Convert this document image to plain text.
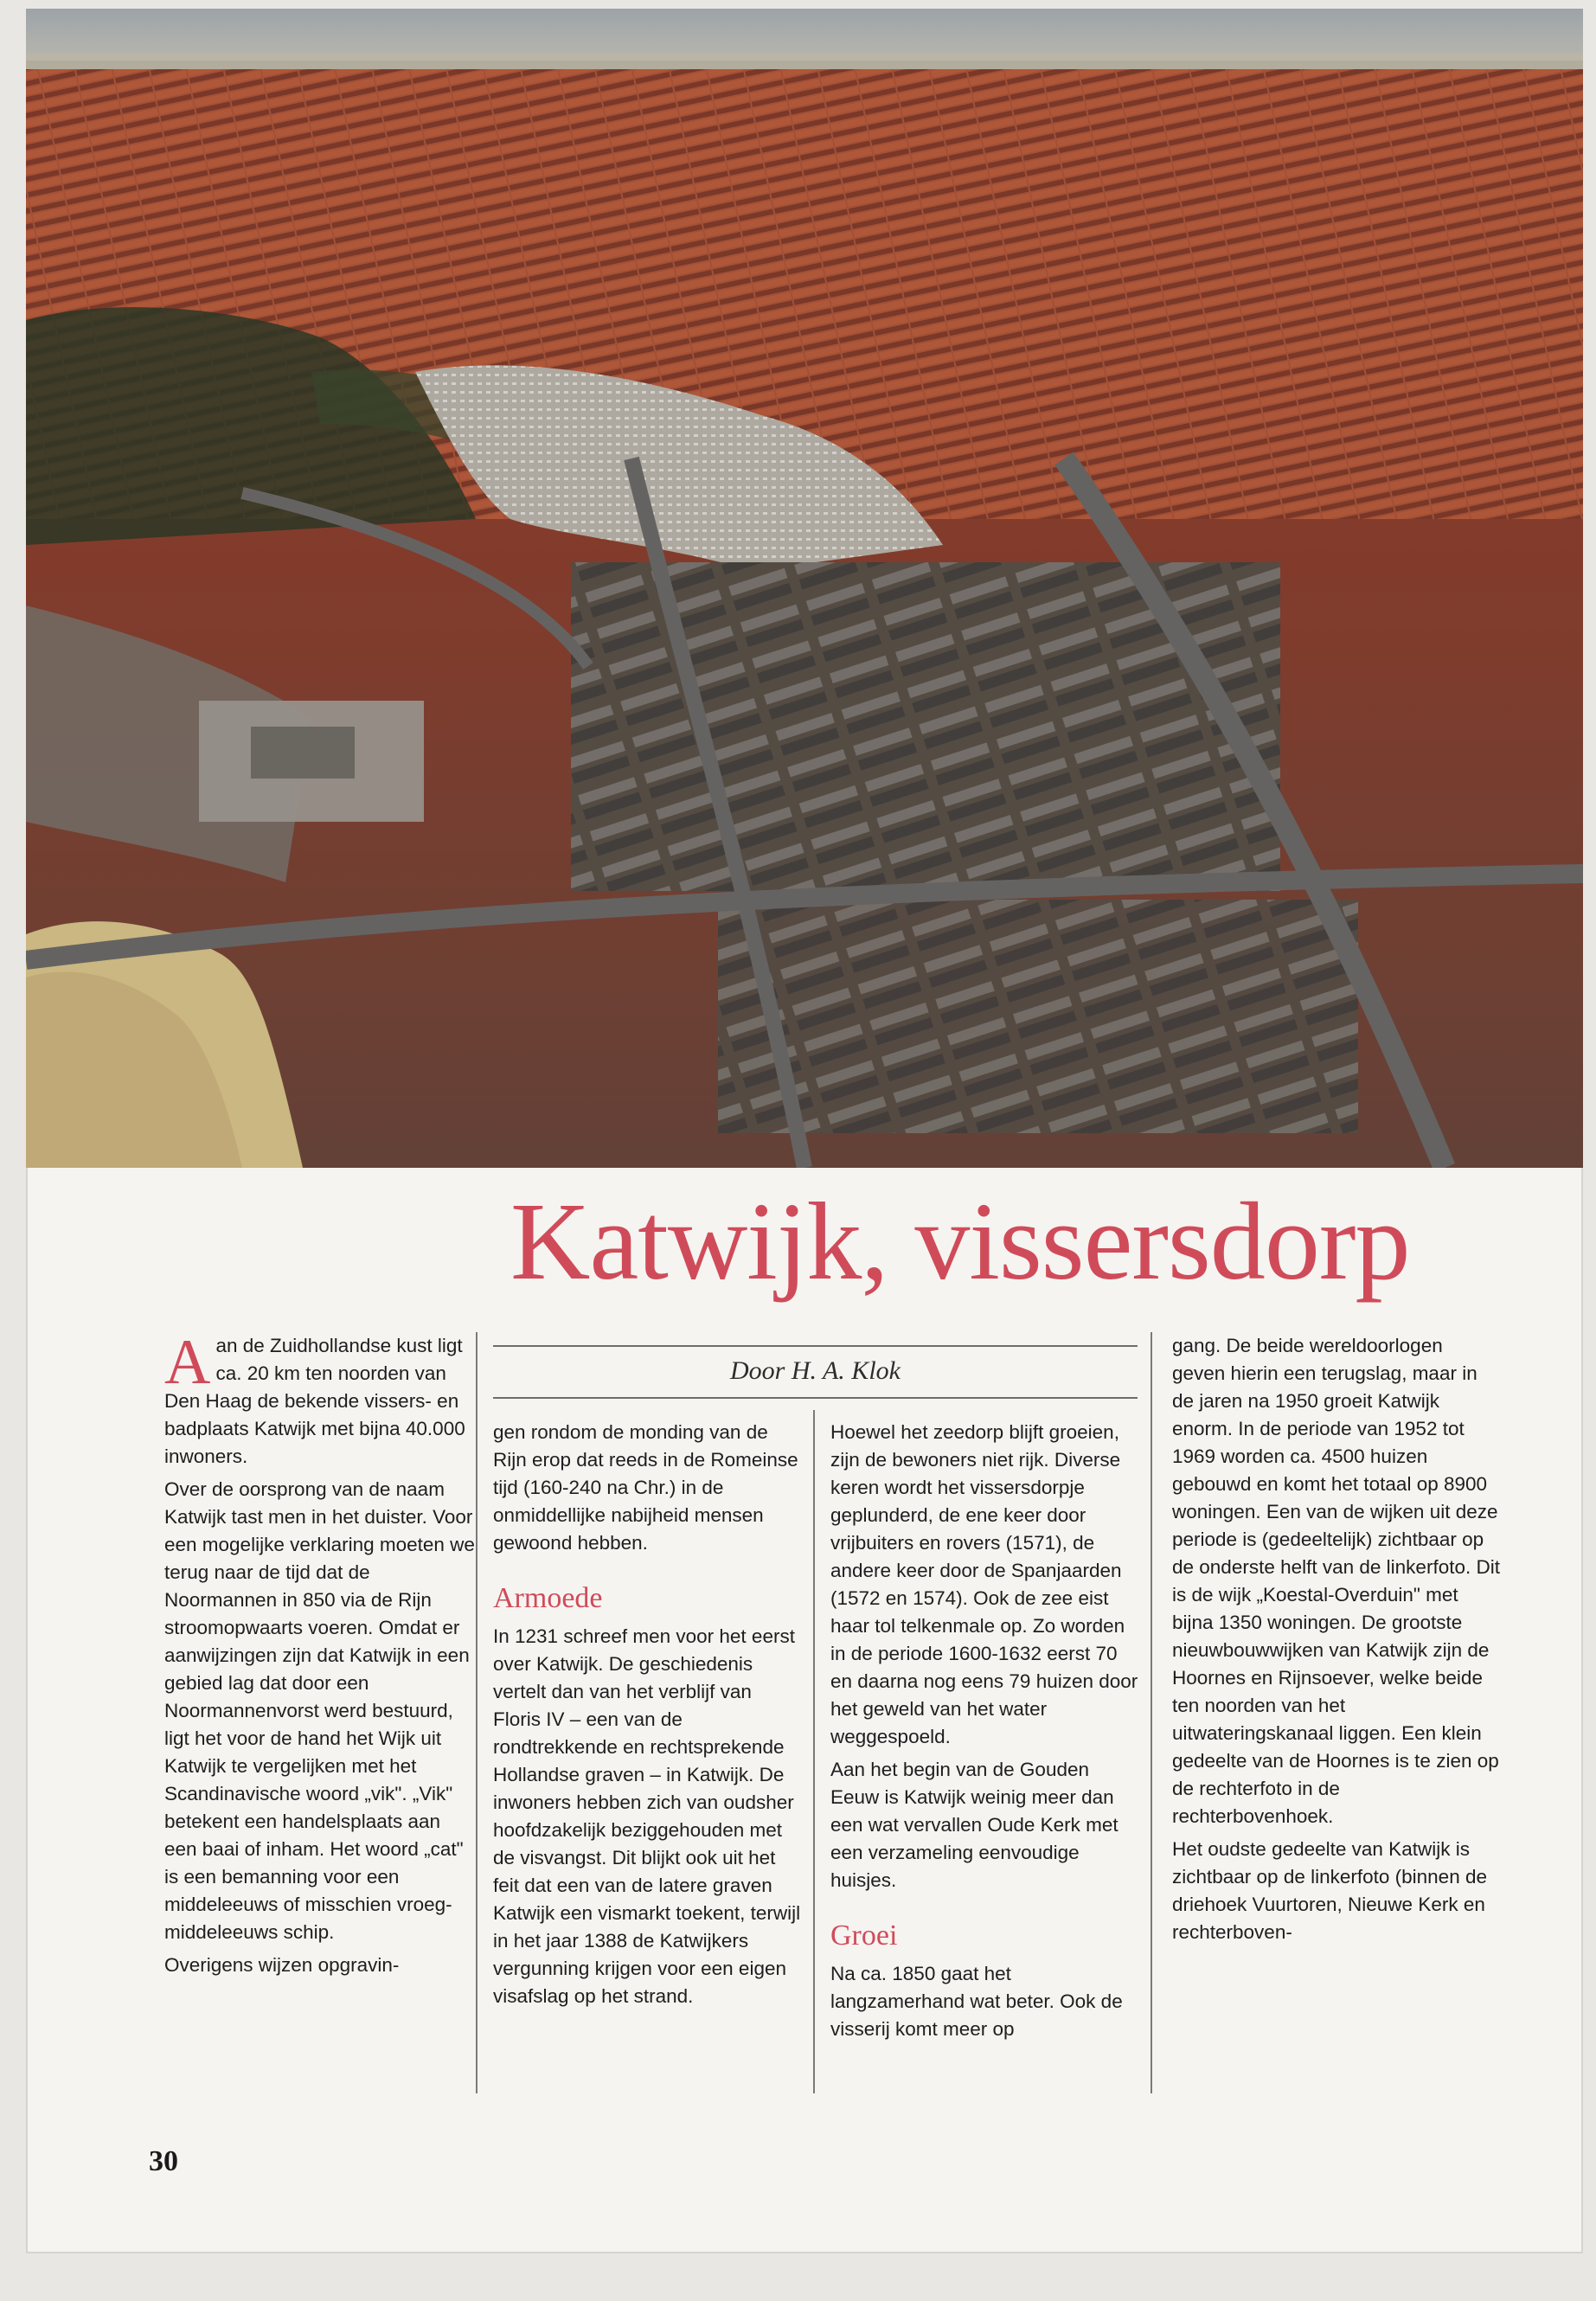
Katwijk, vissersdorp
Door H. A. Klok

A an de Zuidhollandse kust ligt ca. 20 km ten noorden van Den Haag de bekende vissers- en badplaats Katwijk met bijna 40.000 inwoners.

Over de oorsprong van de naam Katwijk tast men in het duister. Voor een mogelijke verklaring moeten we terug naar de tijd dat de Noormannen in 850 via de Rijn stroomopwaarts voeren. Omdat er aanwijzingen zijn dat Katwijk in een gebied lag dat door een Noormannenvorst werd bestuurd, ligt het voor de hand het Wijk uit Katwijk te vergelijken met het Scandinavische woord „vik". „Vik" betekent een handelsplaats aan een baai of inham. Het woord „cat" is een bemanning voor een middeleeuws of misschien vroeg-middeleeuws schip.

Overigens wijzen opgravin-

gen rondom de monding van de Rijn erop dat reeds in de Romeinse tijd (160-240 na Chr.) in de onmiddellijke nabijheid mensen gewoond hebben.

Armoede

In 1231 schreef men voor het eerst over Katwijk. De geschiedenis vertelt dan van het verblijf van Floris IV – een van de rondtrekkende en rechtsprekende Hollandse graven – in Katwijk. De inwoners hebben zich van oudsher hoofdzakelijk beziggehouden met de visvangst. Dit blijkt ook uit het feit dat een van de latere graven Katwijk een vismarkt toekent, terwijl in het jaar 1388 de Katwijkers vergunning krijgen voor een eigen visafslag op het strand.

Hoewel het zeedorp blijft groeien, zijn de bewoners niet rijk. Diverse keren wordt het vissersdorpje geplunderd, de ene keer door vrijbuiters en rovers (1571), de andere keer door de Spanjaarden (1572 en 1574). Ook de zee eist haar tol telkenmale op. Zo worden in de periode 1600-1632 eerst 70 en daarna nog eens 79 huizen door het geweld van het water weggespoeld.

Aan het begin van de Gouden Eeuw is Katwijk weinig meer dan een wat vervallen Oude Kerk met een verzameling eenvoudige huisjes.

Groei

Na ca. 1850 gaat het langzamerhand wat beter. Ook de visserij komt meer op

gang. De beide wereldoorlogen geven hierin een terugslag, maar in de jaren na 1950 groeit Katwijk enorm. In de periode van 1952 tot 1969 worden ca. 4500 huizen gebouwd en komt het totaal op 8900 woningen. Een van de wijken uit deze periode is (gedeeltelijk) zichtbaar op de onderste helft van de linkerfoto. Dit is de wijk „Koestal-Overduin" met bijna 1350 woningen. De grootste nieuwbouwwijken van Katwijk zijn de Hoornes en Rijnsoever, welke beide ten noorden van het uitwateringskanaal liggen. Een klein gedeelte van de Hoornes is te zien op de rechterfoto in de rechterbovenhoek.

Het oudste gedeelte van Katwijk is zichtbaar op de linkerfoto (binnen de driehoek Vuurtoren, Nieuwe Kerk en rechterboven-

30
